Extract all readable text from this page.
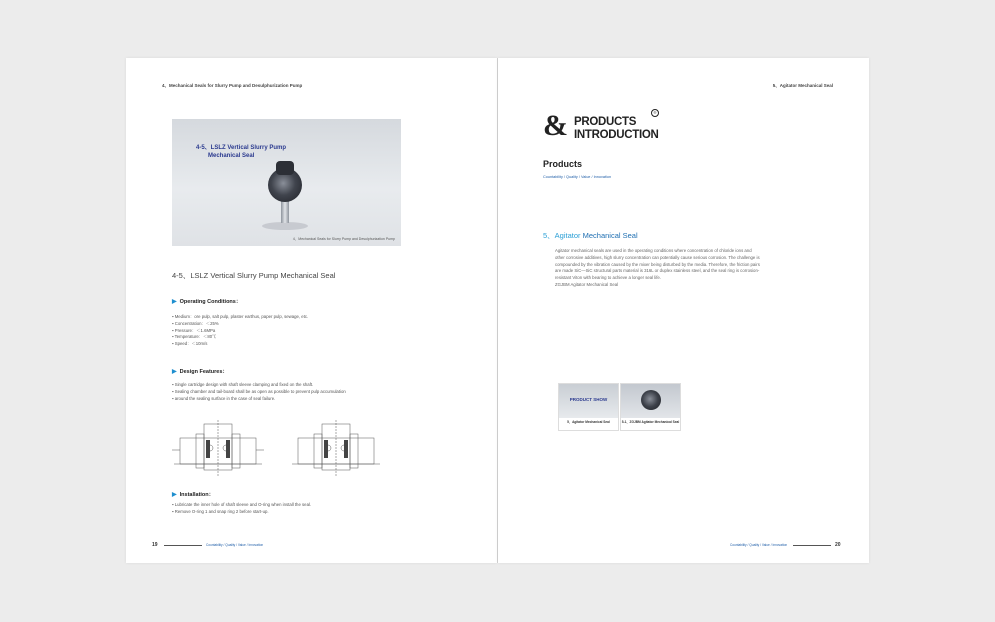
4、Mechanical Seals for Slurry Pump and Desulphurization Pump
4-5、LSLZ Vertical Slurry Pump
Mechanical Seal
4、Mechanical Seals for Slurry Pump and Desulphurization Pump
4-5、LSLZ Vertical Slurry Pump Mechanical Seal
▶ Operating Conditions：
▪ Medium：ore pulp, salt pulp, plaster earthus, paper pulp, sewage, etc.
▪ Concentration：＜25%
▪ Pressure：＜1.6MPa
▪ Temperature：＜80℃
▪ Speed：＜10m/s
▶ Design Features：
▪ Single cartridge design with shaft sleeve clamping and fixed on the shaft.
▪ Sealing chamber and tail-board shall be as open as possible to prevent pulp accumulation
▪ around the sealing surface in the case of seal failure.
▶ Installation：
▪ Lubricate the inner hole of shaft sleeve and O-ring when install the seal.
▪ Remove O-ring 1 and snap ring 2 before start-up.
19	Countability / Quality / Value / Innovation
5、Agitator Mechanical Seal
& PRODUCTS
INTRODUCTION
®
Products
Countability / Quality / Value / Innovation
5、Agitator Mechanical Seal

Agitator mechanical seals are used in the operating conditions where concentration of chloride ions and other corrosive additives, high slurry concentration can potentially cause serious corrosion. The challenge is compounded by the vibration caused by the mixer being disturbed by the media. Therefore, the friction pairs are made SiC—SiC structural parts material is 316L or duplex stainless steel, and the seal ring is corrosion-resistant Viton with bearing to achieve a longer seal life.
ZGJBM Agitator Mechanical Seal

PRODUCT SHOW
5、Agitator Mechanical Seal	5-1、ZGJBM Agitator Mechanical Seal
Countability / Quality / Value / Innovation	20
